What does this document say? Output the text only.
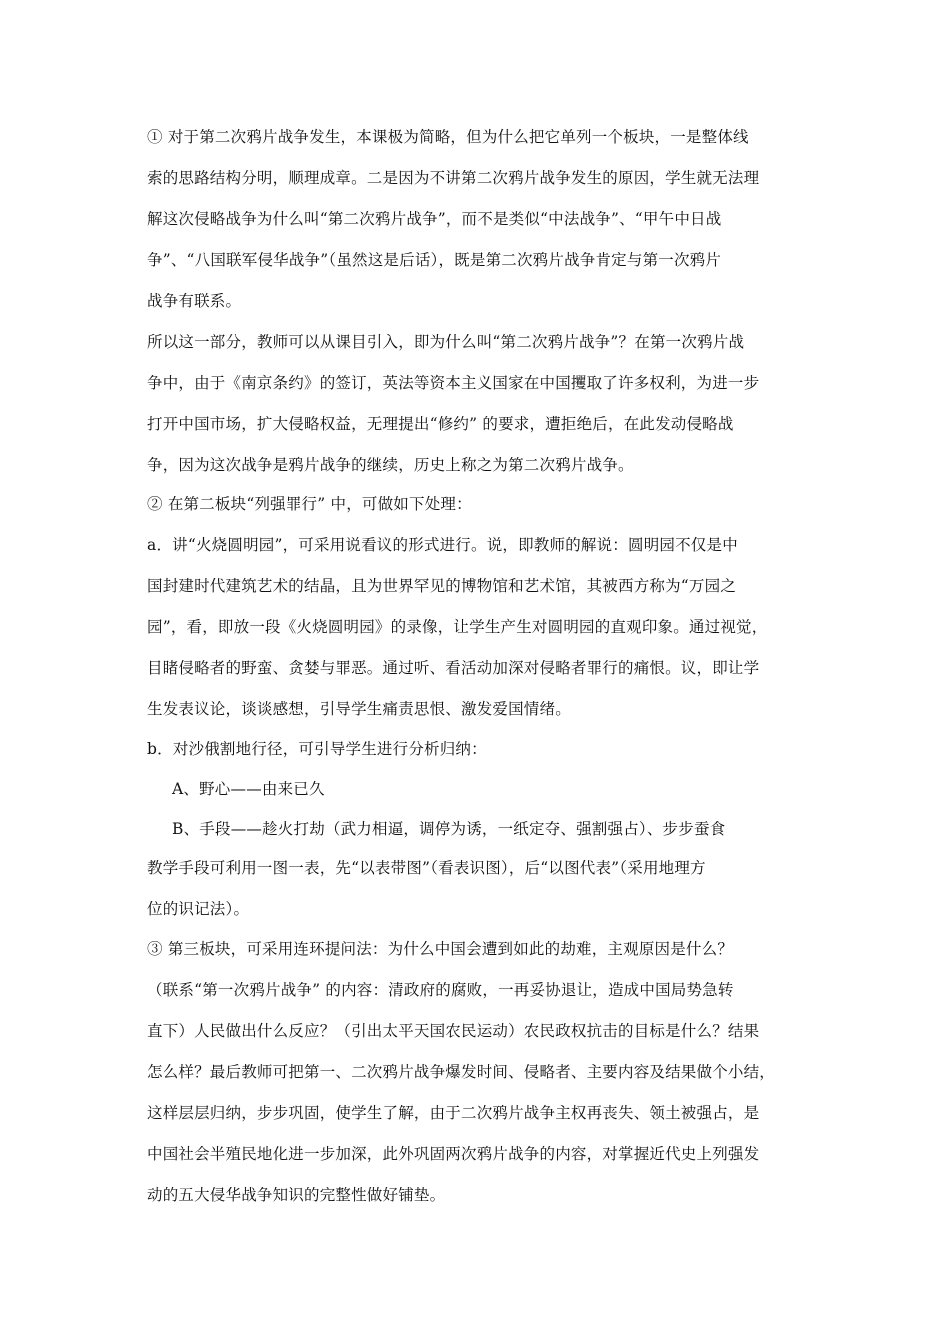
① 对于第二次鸦片战争发生，本课极为简略，但为什么把它单列一个板块，一是整体线
索的思路结构分明，顺理成章。二是因为不讲第二次鸦片战争发生的原因，学生就无法理
解这次侵略战争为什么叫“第二次鸦片战争”，而不是类似“中法战争”、“甲午中日战
争”、“八国联军侵华战争”（虽然这是后话），既是第二次鸦片战争肯定与第一次鸦片
战争有联系。
所以这一部分，教师可以从课目引入，即为什么叫“第二次鸦片战争”？在第一次鸦片战
争中，由于《南京条约》的签订，英法等资本主义国家在中国攫取了许多权利，为进一步
打开中国市场，扩大侵略权益，无理提出“修约” 的要求，遭拒绝后，在此发动侵略战
争，因为这次战争是鸦片战争的继续，历史上称之为第二次鸦片战争。
② 在第二板块“列强罪行” 中，可做如下处理：
a．讲“火烧圆明园”，可采用说看议的形式进行。说，即教师的解说：圆明园不仅是中
国封建时代建筑艺术的结晶，且为世界罕见的博物馆和艺术馆，其被西方称为“万园之
园”，看，即放一段《火烧圆明园》的录像，让学生产生对圆明园的直观印象。通过视觉，
目睹侵略者的野蛮、贪婪与罪恶。通过听、看活动加深对侵略者罪行的痛恨。议，即让学
生发表议论，谈谈感想，引导学生痛责思恨、激发爱国情绪。
b．对沙俄割地行径，可引导学生进行分析归纳：
A、野心——由来已久
B、手段——趁火打劫（武力相逼，调停为诱，一纸定夺、强割强占）、步步蚕食
教学手段可利用一图一表，先“以表带图”（看表识图），后“以图代表”（采用地理方
位的识记法）。
③ 第三板块，可采用连环提问法：为什么中国会遭到如此的劫难，主观原因是什么？
（联系“第一次鸦片战争” 的内容：清政府的腐败，一再妥协退让，造成中国局势急转
直下）人民做出什么反应？（引出太平天国农民运动）农民政权抗击的目标是什么？结果
怎么样？最后教师可把第一、二次鸦片战争爆发时间、侵略者、主要内容及结果做个小结，
这样层层归纳，步步巩固，使学生了解，由于二次鸦片战争主权再丧失、领土被强占，是
中国社会半殖民地化进一步加深，此外巩固两次鸦片战争的内容，对掌握近代史上列强发
动的五大侵华战争知识的完整性做好铺垫。
